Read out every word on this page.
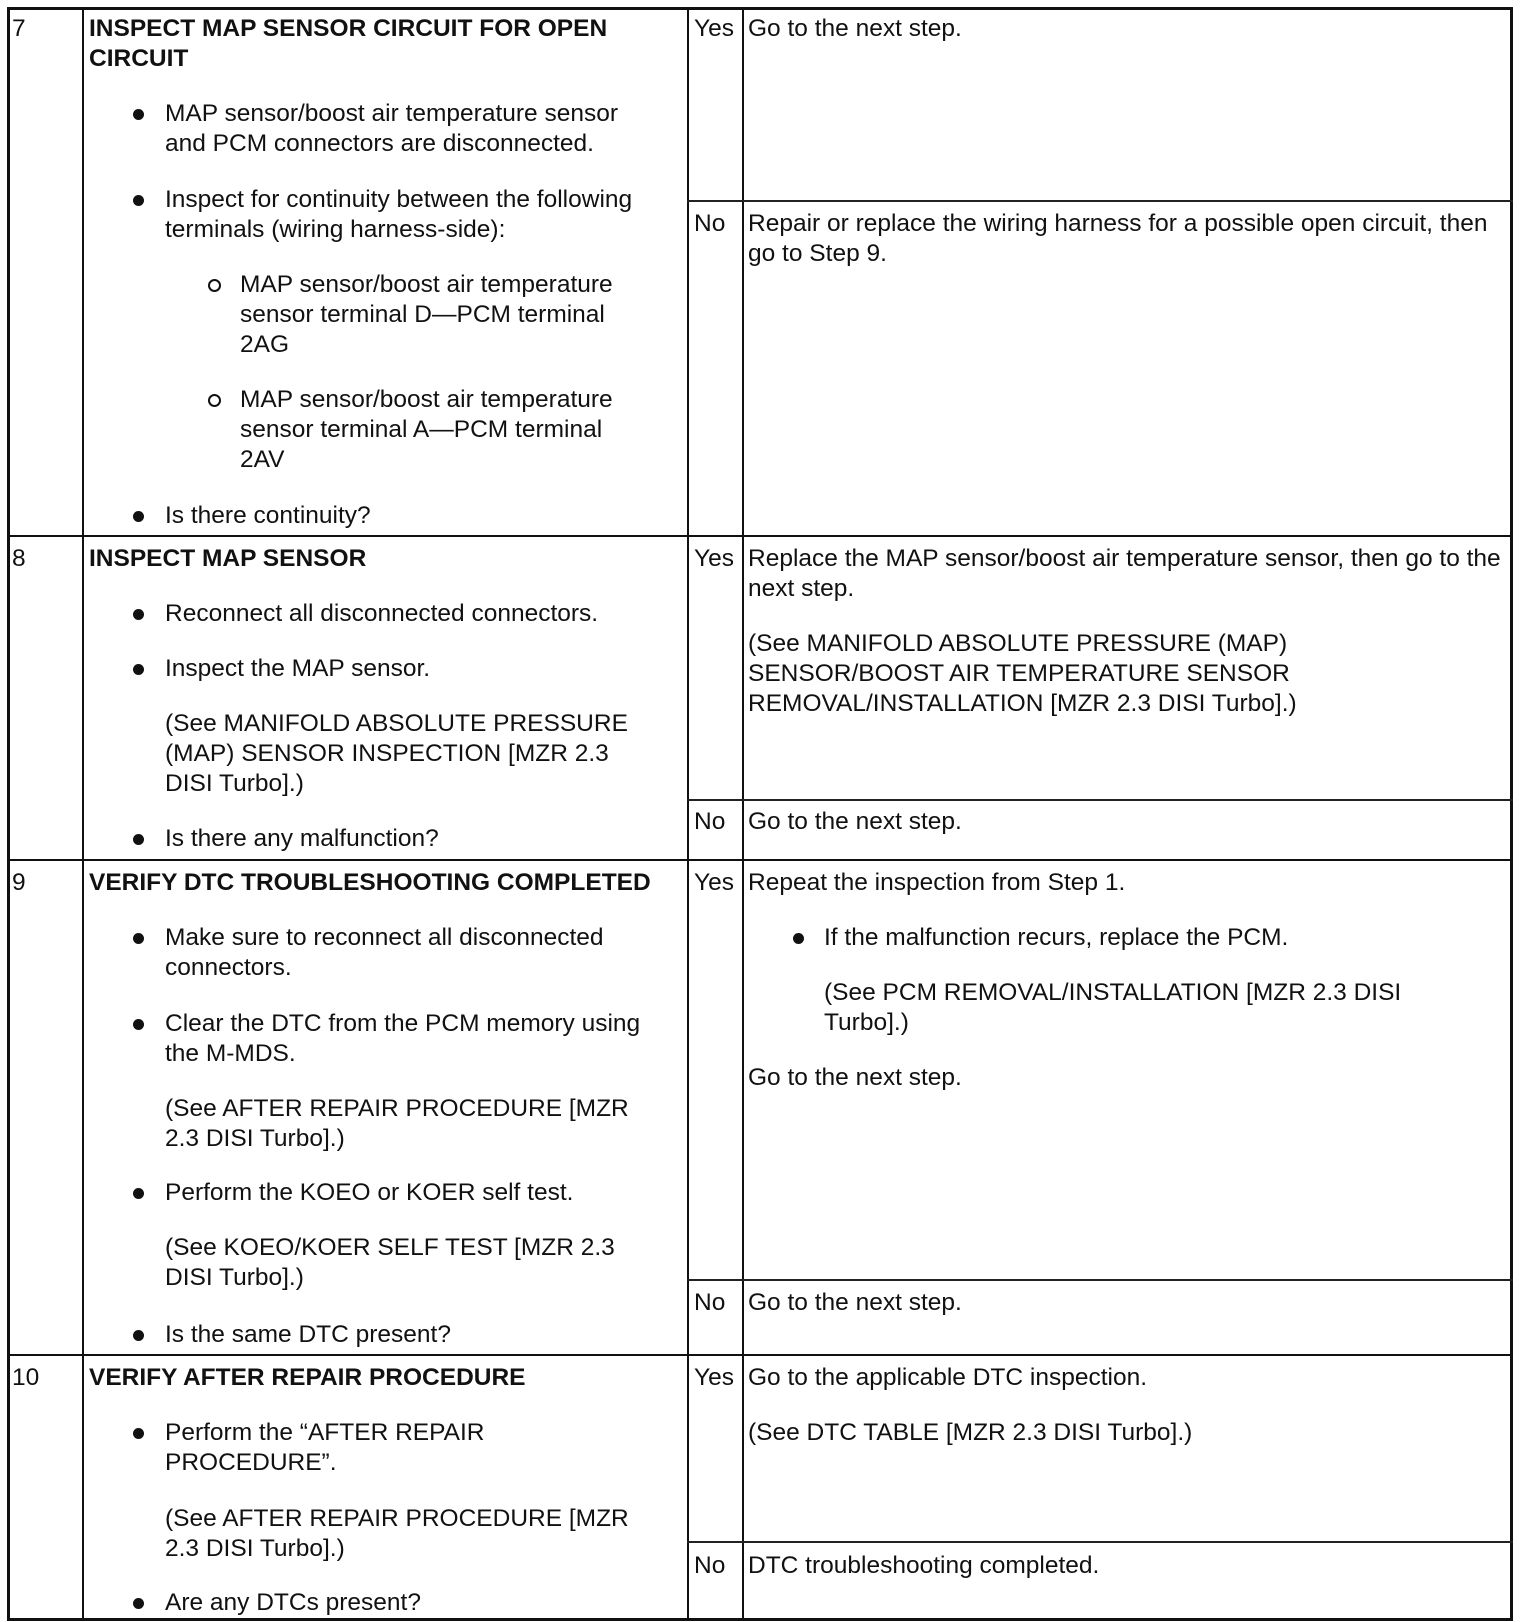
7	INSPECT MAP SENSOR CIRCUIT FOR OPEN CIRCUIT
MAP sensor/boost air temperature sensor and PCM connectors are disconnected.
Inspect for continuity between the following terminals (wiring harness-side):
MAP sensor/boost air temperature sensor terminal D—PCM terminal 2AG
MAP sensor/boost air temperature sensor terminal A—PCM terminal 2AV
Is there continuity?
Yes Go to the next step.
No Repair or replace the wiring harness for a possible open circuit, then go to Step 9.
8	INSPECT MAP SENSOR
Reconnect all disconnected connectors.
Inspect the MAP sensor.
(See MANIFOLD ABSOLUTE PRESSURE (MAP) SENSOR INSPECTION [MZR 2.3 DISI Turbo].)
Is there any malfunction?
Yes Replace the MAP sensor/boost air temperature sensor, then go to the next step.
(See MANIFOLD ABSOLUTE PRESSURE (MAP) SENSOR/BOOST AIR TEMPERATURE SENSOR REMOVAL/INSTALLATION [MZR 2.3 DISI Turbo].)
No Go to the next step.
9	VERIFY DTC TROUBLESHOOTING COMPLETED
Make sure to reconnect all disconnected connectors.
Clear the DTC from the PCM memory using the M-MDS.
(See AFTER REPAIR PROCEDURE [MZR 2.3 DISI Turbo].)
Perform the KOEO or KOER self test.
(See KOEO/KOER SELF TEST [MZR 2.3 DISI Turbo].)
Is the same DTC present?
Yes Repeat the inspection from Step 1.
If the malfunction recurs, replace the PCM.
(See PCM REMOVAL/INSTALLATION [MZR 2.3 DISI Turbo].)
Go to the next step.
No Go to the next step.
10 VERIFY AFTER REPAIR PROCEDURE
Perform the “AFTER REPAIR PROCEDURE”.
(See AFTER REPAIR PROCEDURE [MZR 2.3 DISI Turbo].)
Are any DTCs present?
Yes Go to the applicable DTC inspection.
(See DTC TABLE [MZR 2.3 DISI Turbo].)
No DTC troubleshooting completed.
